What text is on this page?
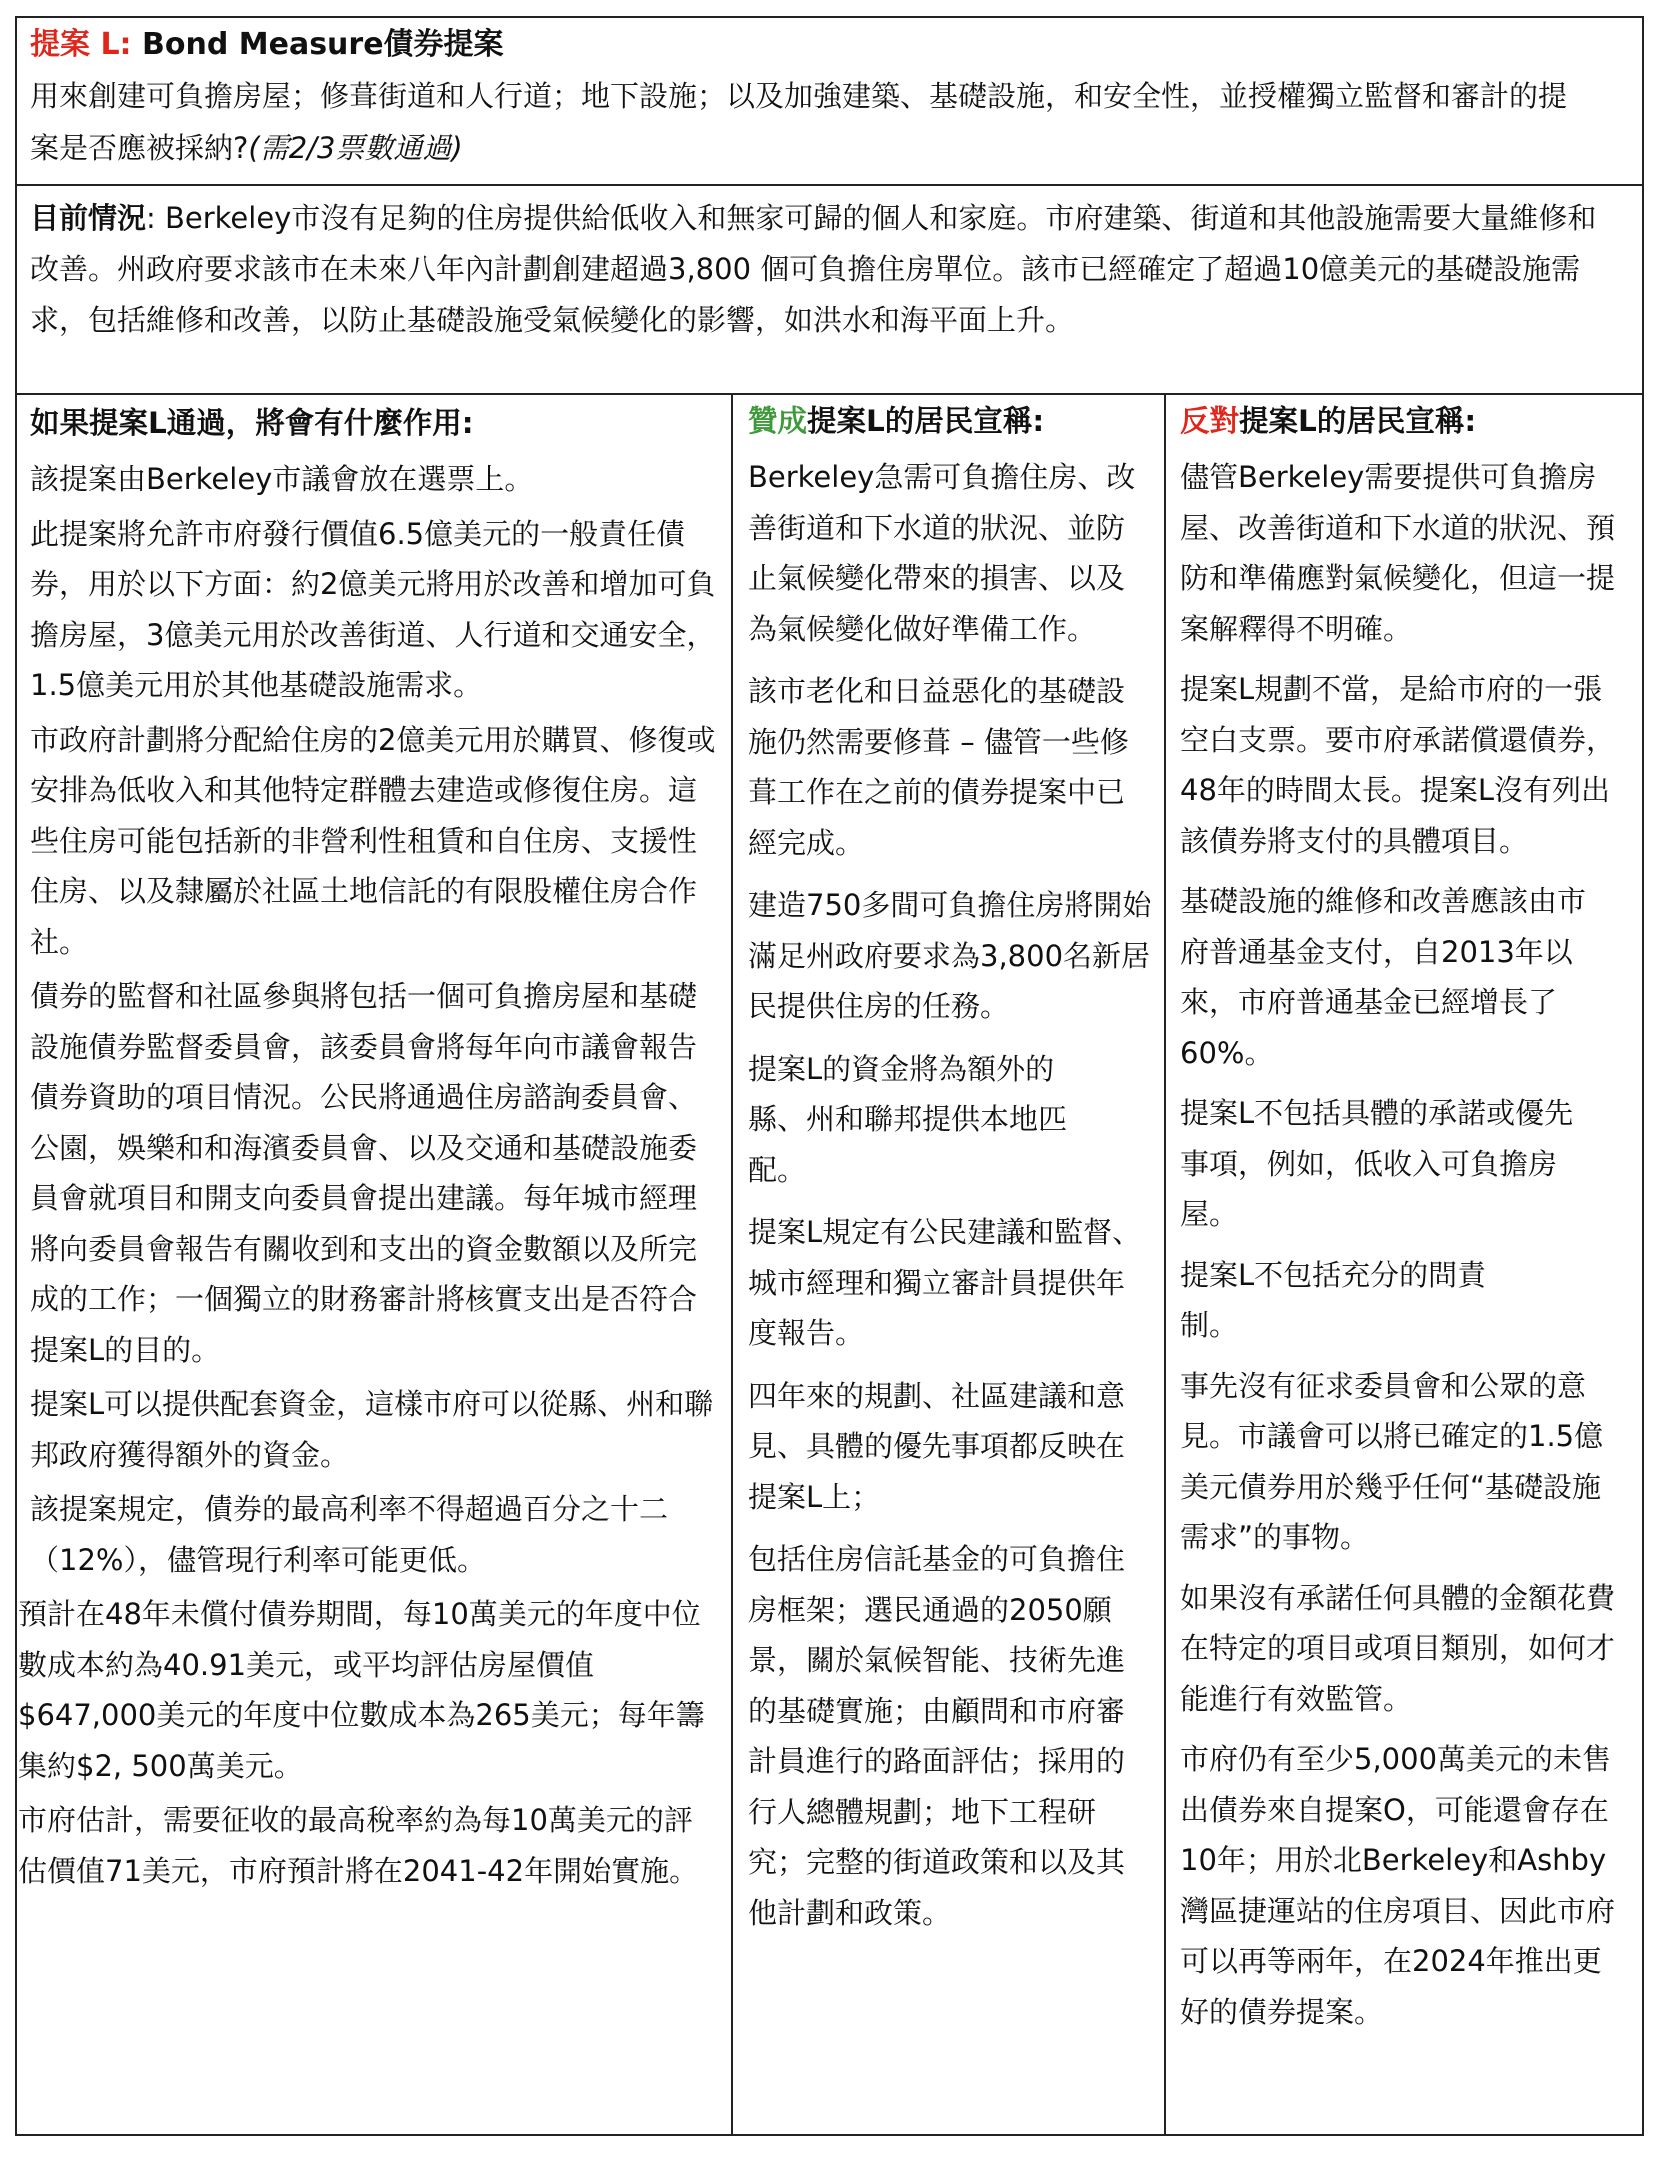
提案 L: Bond Measure債券提案
用來創建可負擔房屋；修葺街道和人行道；地下設施；以及加強建築、基礎設施，和安全性，並授權獨立監督和審計的提案是否應被採納?(需2/3票數通過)
目前情況: Berkeley市沒有足夠的住房提供給低收入和無家可歸的個人和家庭。市府建築、街道和其他設施需要大量維修和改善。州政府要求該市在未來八年內計劃創建超過3,800 個可負擔住房單位。該市已經確定了超過10億美元的基礎設施需求，包括維修和改善，以防止基礎設施受氣候變化的影響，如洪水和海平面上升。
如果提案L通過，將會有什麼作用:

該提案由Berkeley市議會放在選票上。

此提案將允許市府發行價值6.5億美元的一般責任債券，用於以下方面：約2億美元將用於改善和增加可負擔房屋，3億美元用於改善街道、人行道和交通安全，1.5億美元用於其他基礎設施需求。

市政府計劃將分配給住房的2億美元用於購買、修復或安排為低收入和其他特定群體去建造或修復住房。這些住房可能包括新的非營利性租賃和自住房、支援性住房、以及隸屬於社區土地信託的有限股權住房合作社。

債券的監督和社區參與將包括一個可負擔房屋和基礎設施債券監督委員會，該委員會將每年向市議會報告債券資助的項目情況。公民將通過住房諮詢委員會、公園，娛樂和和海濱委員會、以及交通和基礎設施委員會就項目和開支向委員會提出建議。每年城市經理將向委員會報告有關收到和支出的資金數額以及所完成的工作；一個獨立的財務審計將核實支出是否符合提案L的目的。

提案L可以提供配套資金，這樣市府可以從縣、州和聯邦政府獲得額外的資金。

該提案規定，債券的最高利率不得超過百分之十二（12%），儘管現行利率可能更低。

預計在48年未償付債券期間，每10萬美元的年度中位數成本約為40.91美元，或平均評估房屋價值$647,000美元的年度中位數成本為265美元；每年籌集約$2, 500萬美元。

市府估計，需要征收的最高稅率約為每10萬美元的評估價值71美元，市府預計將在2041-42年開始實施。

贊成提案L的居民宣稱:

Berkeley急需可負擔住房、改善街道和下水道的狀況、並防止氣候變化帶來的損害、以及為氣候變化做好準備工作。

該市老化和日益惡化的基礎設施仍然需要修葺 – 儘管一些修葺工作在之前的債券提案中已經完成。

建造750多間可負擔住房將開始滿足州政府要求為3,800名新居民提供住房的任務。

提案L的資金將為額外的縣、州和聯邦提供本地匹配。

提案L規定有公民建議和監督、城市經理和獨立審計員提供年度報告。

四年來的規劃、社區建議和意見、具體的優先事項都反映在提案L上；

包括住房信託基金的可負擔住房框架；選民通過的2050願景，關於氣候智能、技術先進的基礎實施；由顧問和市府審計員進行的路面評估；採用的行人總體規劃；地下工程研究；完整的街道政策和以及其他計劃和政策。

反對提案L的居民宣稱:

儘管Berkeley需要提供可負擔房屋、改善街道和下水道的狀況、預防和準備應對氣候變化，但這一提案解釋得不明確。

提案L規劃不當，是給市府的一張空白支票。要市府承諾償還債券，48年的時間太長。提案L沒有列出該債券將支付的具體項目。

基礎設施的維修和改善應該由市府普通基金支付，自2013年以來，市府普通基金已經增長了60%。

提案L不包括具體的承諾或優先事項，例如，低收入可負擔房屋。

提案L不包括充分的問責制。

事先沒有征求委員會和公眾的意見。市議會可以將已確定的1.5億美元債券用於幾乎任何“基礎設施需求”的事物。

如果沒有承諾任何具體的金額花費在特定的項目或項目類別，如何才能進行有效監管。

市府仍有至少5,000萬美元的未售出債券來自提案O，可能還會存在10年；用於北Berkeley和Ashby灣區捷運站的住房項目、因此市府可以再等兩年，在2024年推出更好的債券提案。
